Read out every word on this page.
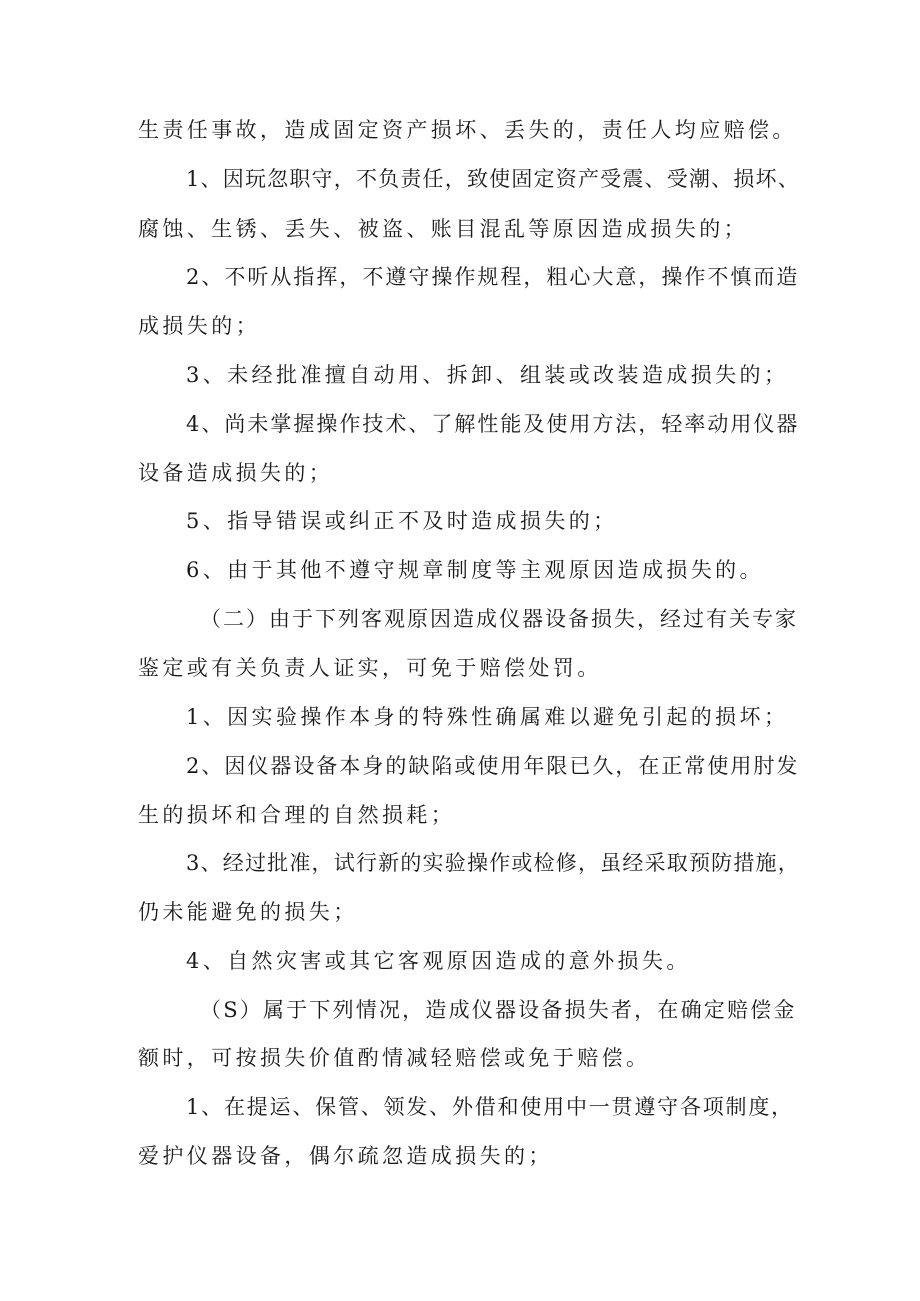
生责任事故，造成固定资产损坏、丢失的，责任人均应赔偿。
1、因玩忽职守，不负责任，致使固定资产受震、受潮、损坏、
腐蚀、生锈、丢失、被盗、账目混乱等原因造成损失的；
2、不听从指挥，不遵守操作规程，粗心大意，操作不慎而造
成损失的；
3、未经批准擅自动用、拆卸、组装或改装造成损失的；
4、尚未掌握操作技术、了解性能及使用方法，轻率动用仪器
设备造成损失的；
5、指导错误或纠正不及时造成损失的；
6、由于其他不遵守规章制度等主观原因造成损失的。
（二）由于下列客观原因造成仪器设备损失，经过有关专家
鉴定或有关负责人证实，可免于赔偿处罚。
1、因实验操作本身的特殊性确属难以避免引起的损坏；
2、因仪器设备本身的缺陷或使用年限已久，在正常使用肘发
生的损坏和合理的自然损耗；
3、经过批准，试行新的实验操作或检修，虽经采取预防措施，
仍未能避免的损失；
4、自然灾害或其它客观原因造成的意外损失。
（S）属于下列情况，造成仪器设备损失者，在确定赔偿金
额时，可按损失价值酌情减轻赔偿或免于赔偿。
1、在提运、保管、领发、外借和使用中一贯遵守各项制度，
爱护仪器设备，偶尔疏忽造成损失的；
